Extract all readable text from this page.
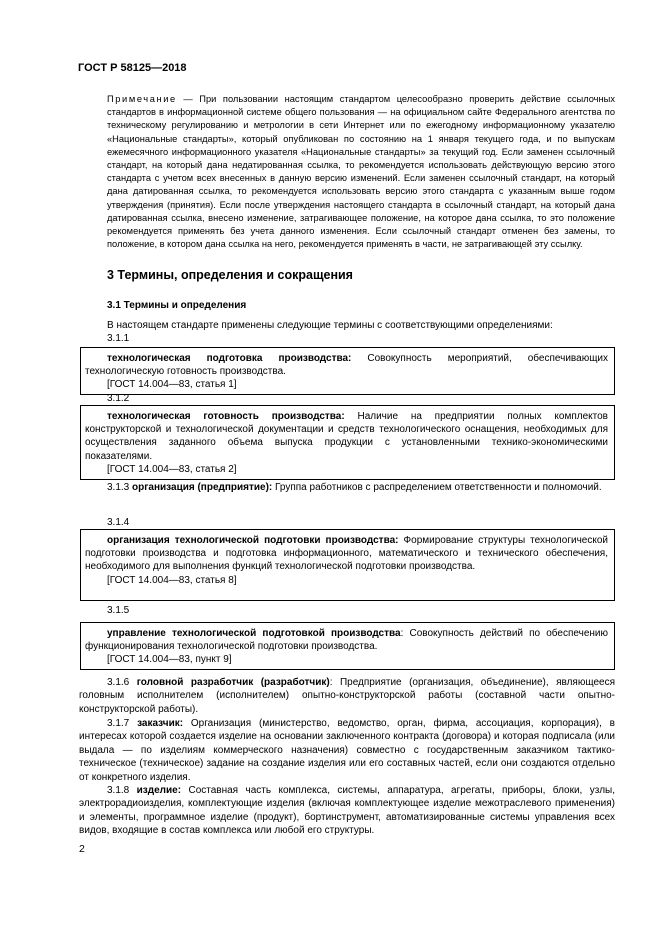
ГОСТ Р 58125—2018
Примечание — При пользовании настоящим стандартом целесообразно проверить действие ссылочных стандартов в информационной системе общего пользования — на официальном сайте Федерального агентства по техническому регулированию и метрологии в сети Интернет или по ежегодному информационному указателю «Национальные стандарты», который опубликован по состоянию на 1 января текущего года, и по выпускам ежемесячного информационного указателя «Национальные стандарты» за текущий год. Если заменен ссылочный стандарт, на который дана недатированная ссылка, то рекомендуется использовать действующую версию этого стандарта с учетом всех внесенных в данную версию изменений. Если заменен ссылочный стандарт, на который дана датированная ссылка, то рекомендуется использовать версию этого стандарта с указанным выше годом утверждения (принятия). Если после утверждения настоящего стандарта в ссылочный стандарт, на который дана датированная ссылка, внесено изменение, затрагивающее положение, на которое дана ссылка, то это положение рекомендуется применять без учета данного изменения. Если ссылочный стандарт отменен без замены, то положение, в котором дана ссылка на него, рекомендуется применять в части, не затрагивающей эту ссылку.
3 Термины, определения и сокращения
3.1 Термины и определения
В настоящем стандарте применены следующие термины с соответствующими определениями:
3.1.1

технологическая подготовка производства: Совокупность мероприятий, обеспечивающих технологическую готовность производства.

[ГОСТ 14.004—83, статья 1]

3.1.2

технологическая готовность производства: Наличие на предприятии полных комплектов конструкторской и технологической документации и средств технологического оснащения, необходимых для осуществления заданного объема выпуска продукции с установленными технико-экономическими показателями.

[ГОСТ 14.004—83, статья 2]

3.1.3 организация (предприятие): Группа работников с распределением ответственности и полномочий.
3.1.4

организация технологической подготовки производства: Формирование структуры технологической подготовки производства и подготовка информационного, математического и технического обеспечения, необходимого для выполнения функций технологической подготовки производства.

[ГОСТ 14.004—83, статья 8]

3.1.5

управление технологической подготовкой производства: Совокупность действий по обеспечению функционирования технологической подготовки производства.

[ГОСТ 14.004—83, пункт 9]

3.1.6 головной разработчик (разработчик): Предприятие (организация, объединение), являющееся головным исполнителем (исполнителем) опытно-конструкторской работы (составной части опытно-конструкторской работы).
3.1.7 заказчик: Организация (министерство, ведомство, орган, фирма, ассоциация, корпорация), в интересах которой создается изделие на основании заключенного контракта (договора) и которая подписала (или выдала — по изделиям коммерческого назначения) совместно с государственным заказчиком тактико-техническое (техническое) задание на создание изделия или его составных частей, если они создаются отдельно от конкретного изделия.
3.1.8 изделие: Составная часть комплекса, системы, аппаратура, агрегаты, приборы, блоки, узлы, электрорадиоизделия, комплектующие изделия (включая комплектующее изделие межотраслевого применения) и элементы, программное изделие (продукт), бортинструмент, автоматизированные системы управления всех видов, входящие в состав комплекса или любой его структуры.
2
